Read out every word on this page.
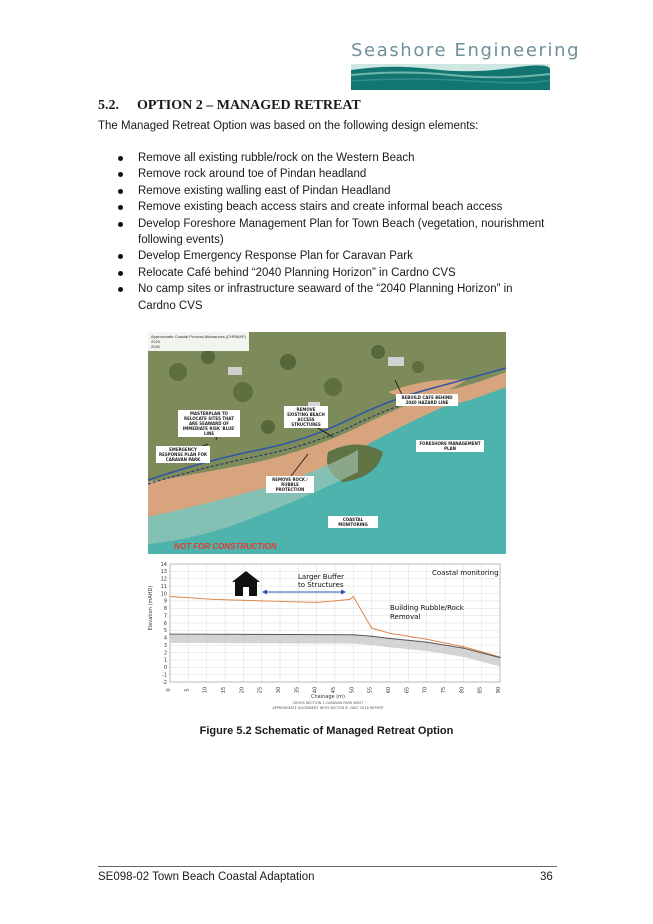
Seashore Engineering
5.2. OPTION 2 – MANAGED RETREAT

The Managed Retreat Option was based on the following design elements:

Remove all existing rubble/rock on the Western Beach
Remove rock around toe of Pindan headland
Remove existing walling east of Pindan Headland
Remove existing beach access stairs and create informal beach access
Develop Foreshore Management Plan for Town Beach (vegetation, nourishment following events)
Develop Emergency Response Plan for Caravan Park
Relocate Café behind “2040 Planning Horizon” in Cardno CVS
No camp sites or infrastructure seaward of the “2040 Planning Horizon” in Cardno CVS
Approximate Coastal Process Allowances (CHRMAP)
2015
2040
MASTERPLAN TO RELOCATE SITES THAT ARE SEAWARD OF IMMEDIATE RISK 'BLUE' LINE
REMOVE EXISTING BEACH ACCESS STRUCTURES
REBUILD CAFE BEHIND 2040 HAZARD LINE
FORESHORE MANAGEMENT PLAN
EMERGENCY RESPONSE PLAN FOR CARAVAN PARK
REMOVE ROCK / RUBBLE PROTECTION
COASTAL MONITORING
NOT FOR CONSTRUCTION
14
13
12
11
10
9
8
7
6
5
4
3
2
1
0
-1
-2
0 5 10 15 20 25 30 35 40 45 50 55 60 65 70 75 80 85 90
Elevation (mAHD)
Chainage (m)
CROSS SECTION 1 CARAVAN PARK WEST
APPROXIMATE ALIGNMENT WITH SECTOR B, DALT 2018 REPORT
Larger Buffer to Structures
Coastal monitoring
Building Rubble/Rock Removal

Figure 5.2 Schematic of Managed Retreat Option

SE098-02 Town Beach Coastal Adaptation	36
